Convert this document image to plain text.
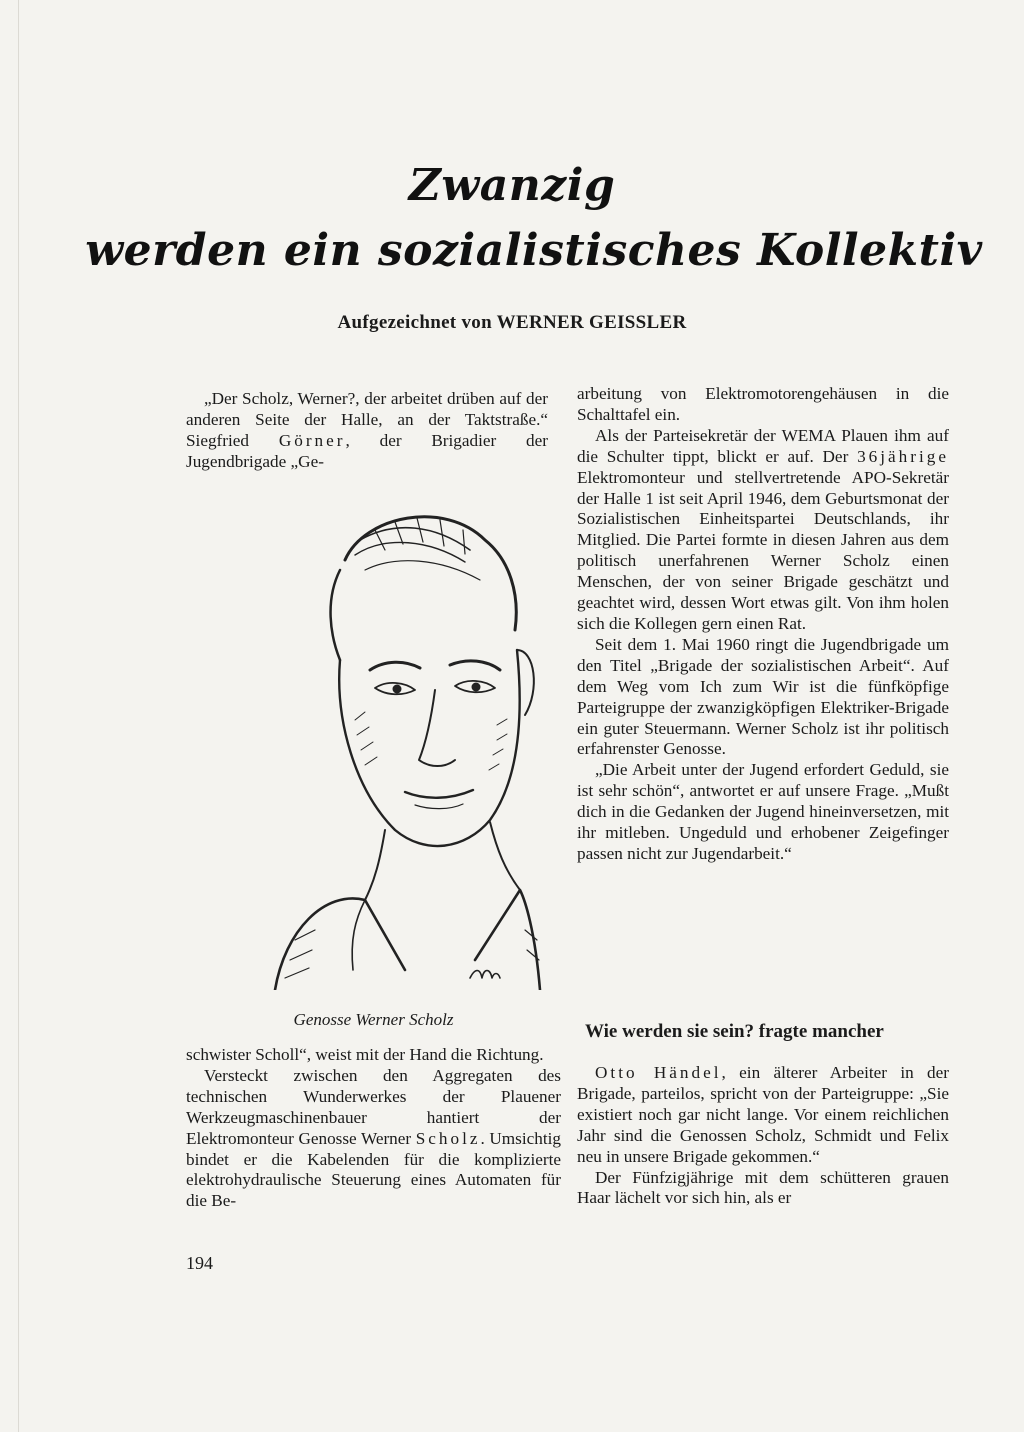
Zwanzig
werden ein sozialistisches Kollektiv
Aufgezeichnet von WERNER GEISSLER

„Der Scholz, Werner?, der arbeitet drüben auf der anderen Seite der Halle, an der Taktstraße.“ Siegfried Görner, der Brigadier der Jugendbrigade „Ge-

Genosse Werner Scholz

schwister Scholl“, weist mit der Hand die Richtung.

Versteckt zwischen den Aggregaten des technischen Wunderwerkes der Plauener Werkzeugmaschinenbauer hantiert der Elektromonteur Genosse Werner Scholz. Umsichtig bindet er die Kabelenden für die komplizierte elektrohydraulische Steuerung eines Automaten für die Be-

arbeitung von Elektromotorengehäusen in die Schalttafel ein.

Als der Parteisekretär der WEMA Plauen ihm auf die Schulter tippt, blickt er auf. Der 36jährige Elektromonteur und stellvertretende APO-Sekretär der Halle 1 ist seit April 1946, dem Geburtsmonat der Sozialistischen Einheitspartei Deutschlands, ihr Mitglied. Die Partei formte in diesen Jahren aus dem politisch unerfahrenen Werner Scholz einen Menschen, der von seiner Brigade geschätzt und geachtet wird, dessen Wort etwas gilt. Von ihm holen sich die Kollegen gern einen Rat.

Seit dem 1. Mai 1960 ringt die Jugendbrigade um den Titel „Brigade der sozialistischen Arbeit“. Auf dem Weg vom Ich zum Wir ist die fünfköpfige Parteigruppe der zwanzigköpfigen Elektriker-Brigade ein guter Steuermann. Werner Scholz ist ihr politisch erfahrenster Genosse.

„Die Arbeit unter der Jugend erfordert Geduld, sie ist sehr schön“, antwortet er auf unsere Frage. „Mußt dich in die Gedanken der Jugend hineinversetzen, mit ihr mitleben. Ungeduld und erhobener Zeigefinger passen nicht zur Jugendarbeit.“

Wie werden sie sein? fragte mancher

Otto Händel, ein älterer Arbeiter in der Brigade, parteilos, spricht von der Parteigruppe: „Sie existiert noch gar nicht lange. Vor einem reichlichen Jahr sind die Genossen Scholz, Schmidt und Felix neu in unsere Brigade gekommen.“

Der Fünfzigjährige mit dem schütteren grauen Haar lächelt vor sich hin, als er

194
